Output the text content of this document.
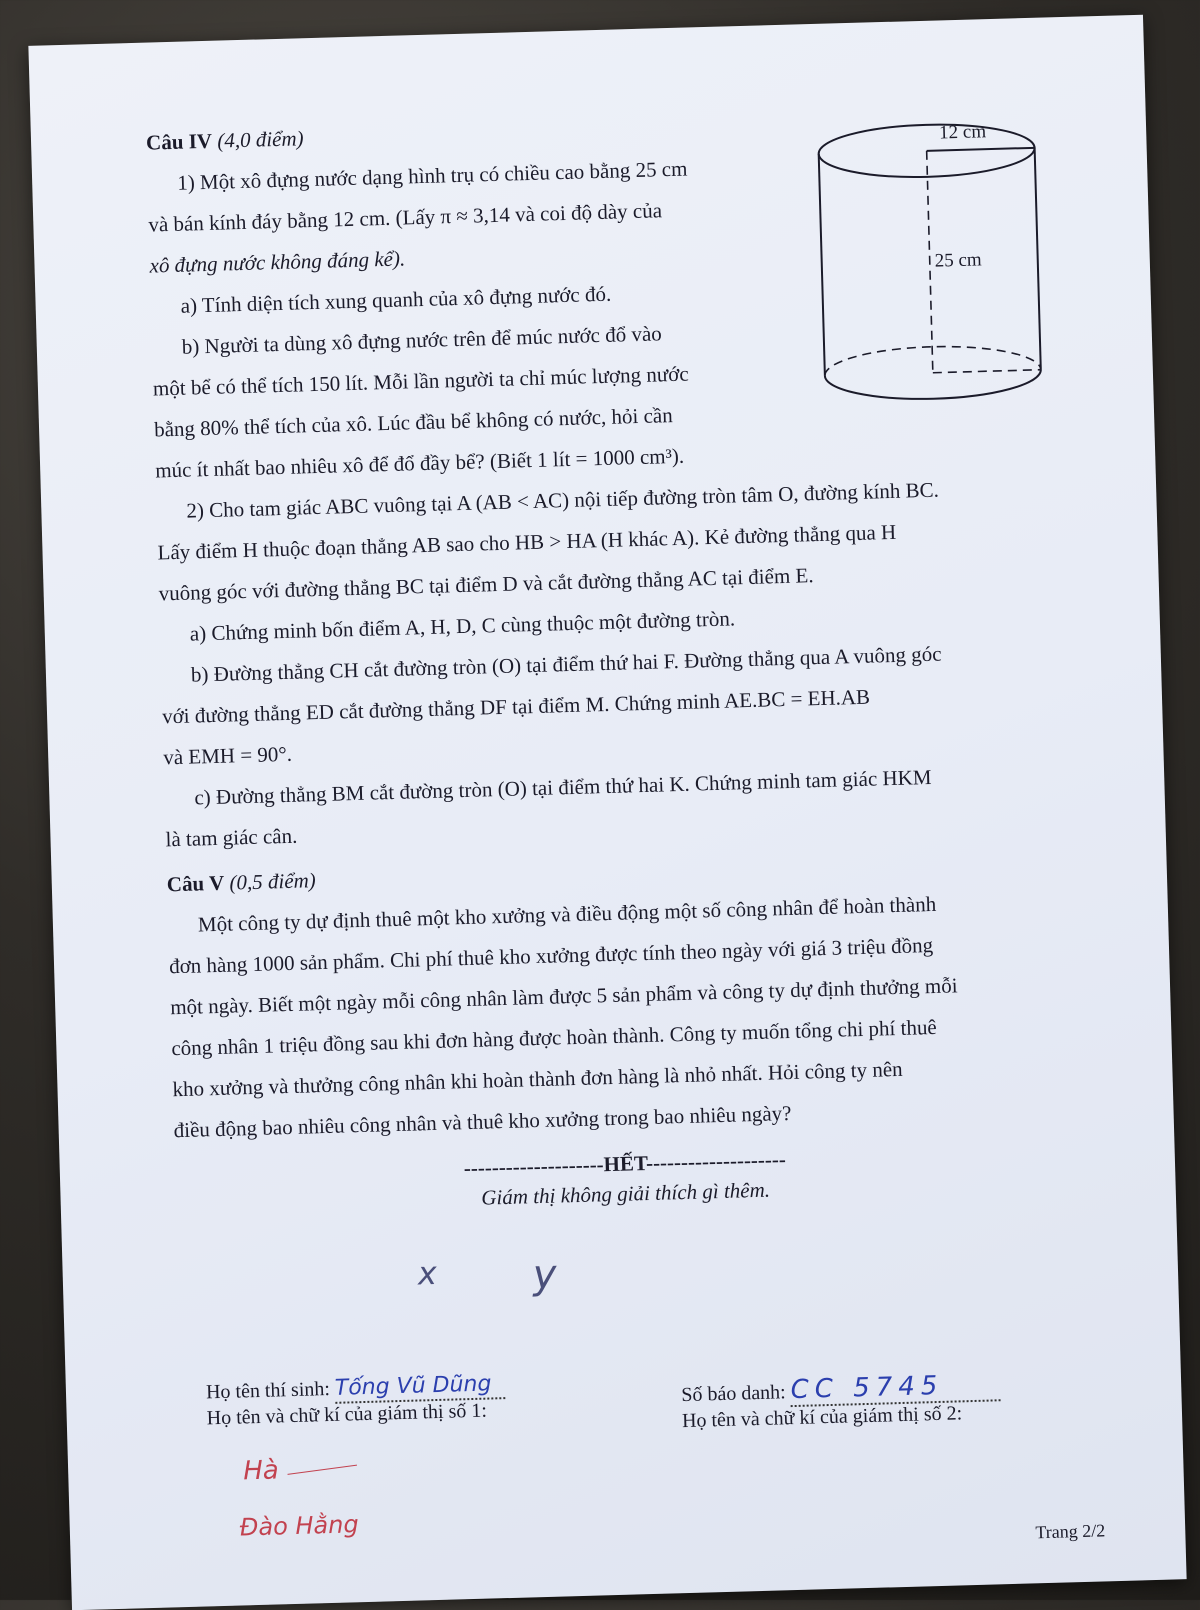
12 cm
25 cm

Câu IV (4,0 điểm)

1) Một xô đựng nước dạng hình trụ có chiều cao bằng 25 cm

và bán kính đáy bằng 12 cm. (Lấy π ≈ 3,14 và coi độ dày của

xô đựng nước không đáng kể).

a) Tính diện tích xung quanh của xô đựng nước đó.

b) Người ta dùng xô đựng nước trên để múc nước đổ vào

một bể có thể tích 150 lít. Mỗi lần người ta chỉ múc lượng nước

bằng 80% thể tích của xô. Lúc đầu bể không có nước, hỏi cần

múc ít nhất bao nhiêu xô để đổ đầy bể? (Biết 1 lít = 1000 cm³).

2) Cho tam giác ABC vuông tại A (AB < AC) nội tiếp đường tròn tâm O, đường kính BC.

Lấy điểm H thuộc đoạn thẳng AB sao cho HB > HA (H khác A). Kẻ đường thẳng qua H

vuông góc với đường thẳng BC tại điểm D và cắt đường thẳng AC tại điểm E.

a) Chứng minh bốn điểm A, H, D, C cùng thuộc một đường tròn.

b) Đường thẳng CH cắt đường tròn (O) tại điểm thứ hai F. Đường thẳng qua A vuông góc

với đường thẳng ED cắt đường thẳng DF tại điểm M. Chứng minh AE.BC = EH.AB

và EMH = 90°.

c) Đường thẳng BM cắt đường tròn (O) tại điểm thứ hai K. Chứng minh tam giác HKM

là tam giác cân.

Câu V (0,5 điểm)

Một công ty dự định thuê một kho xưởng và điều động một số công nhân để hoàn thành

đơn hàng 1000 sản phẩm. Chi phí thuê kho xưởng được tính theo ngày với giá 3 triệu đồng

một ngày. Biết một ngày mỗi công nhân làm được 5 sản phẩm và công ty dự định thưởng mỗi

công nhân 1 triệu đồng sau khi đơn hàng được hoàn thành. Công ty muốn tổng chi phí thuê

kho xưởng và thưởng công nhân khi hoàn thành đơn hàng là nhỏ nhất. Hỏi công ty nên

điều động bao nhiêu công nhân và thuê kho xưởng trong bao nhiêu ngày?

--------------------HẾT--------------------

Giám thị không giải thích gì thêm.

x y
Họ tên thí sinh: Tống Vũ Dũng
Họ tên và chữ kí của giám thị số 1:
Số báo danh: CC 5745
Họ tên và chữ kí của giám thị số 2:
Hà
Đào Hằng	Trang 2/2
